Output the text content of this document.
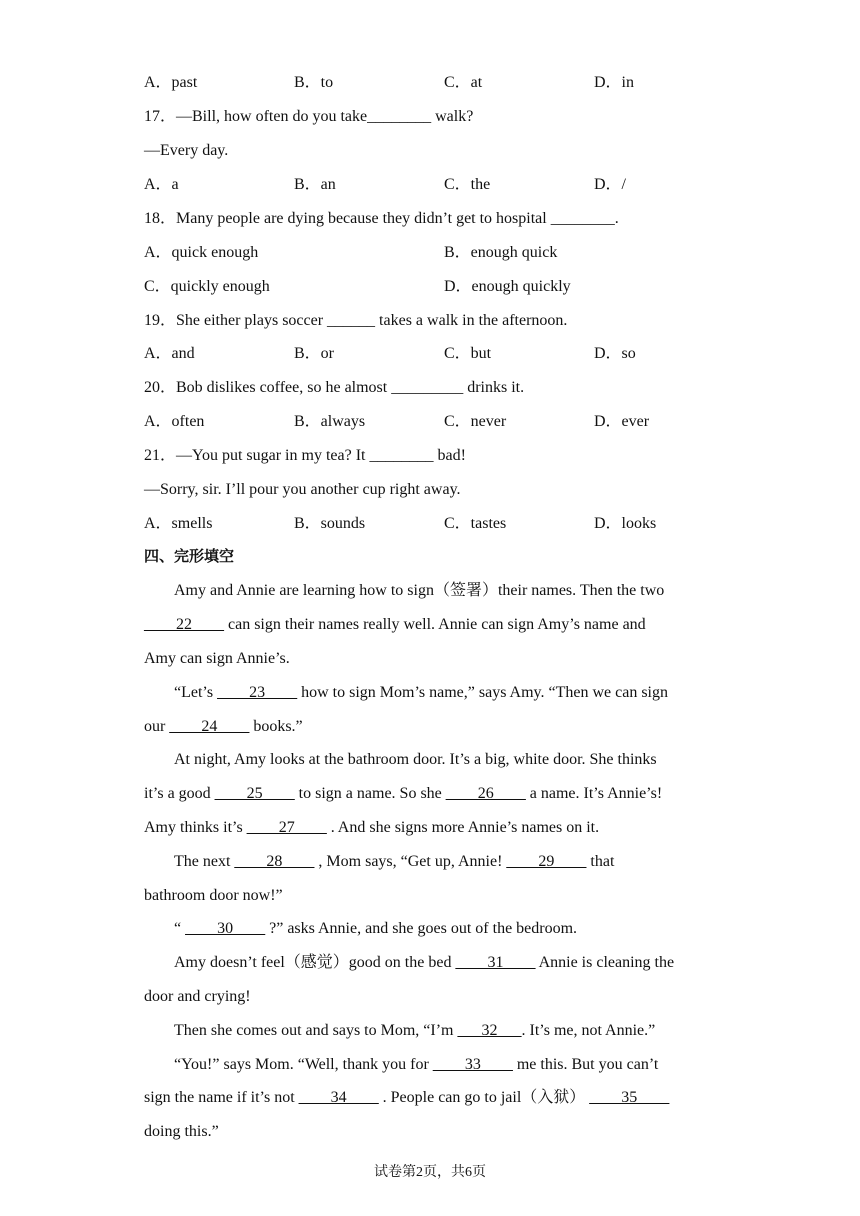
A．past	B．to	C．at	D．in
17．—Bill, how often do you take________ walk?
—Every day.
A．a	B．an	C．the	D．/
18．Many people are dying because they didn’t get to hospital ________.
A．quick enough	B．enough quick
C．quickly enough	D．enough quickly
19．She either plays soccer ______ takes a walk in the afternoon.
A．and	B．or	C．but	D．so
20．Bob dislikes coffee, so he almost _________ drinks it.
A．often	B．always	C．never	D．ever
21．—You put sugar in my tea? It ________ bad!
—Sorry, sir. I’ll pour you another cup right away.
A．smells	B．sounds	C．tastes	D．looks
四、完形填空
Amy and Annie are learning how to sign（签署）their names. Then the two
____22____ can sign their names really well. Annie can sign Amy’s name and
Amy can sign Annie’s.
“Let’s ____23____ how to sign Mom’s name,” says Amy. “Then we can sign
our ____24____ books.”
At night, Amy looks at the bathroom door. It’s a big, white door. She thinks
it’s a good ____25____ to sign a name. So she ____26____ a name. It’s Annie’s!
Amy thinks it’s ____27____ . And she signs more Annie’s names on it.
The next ____28____ , Mom says, “Get up, Annie! ____29____ that
bathroom door now!”
“ ____30____ ?” asks Annie, and she goes out of the bedroom.
Amy doesn’t feel（感觉）good on the bed ____31____ Annie is cleaning the
door and crying!
Then she comes out and says to Mom, “I’m ___32___. It’s me, not Annie.”
“You!” says Mom. “Well, thank you for ____33____ me this. But you can’t
sign the name if it’s not ____34____ . People can go to jail（入狱） ____35____
doing this.”
试卷第2页，共6页
